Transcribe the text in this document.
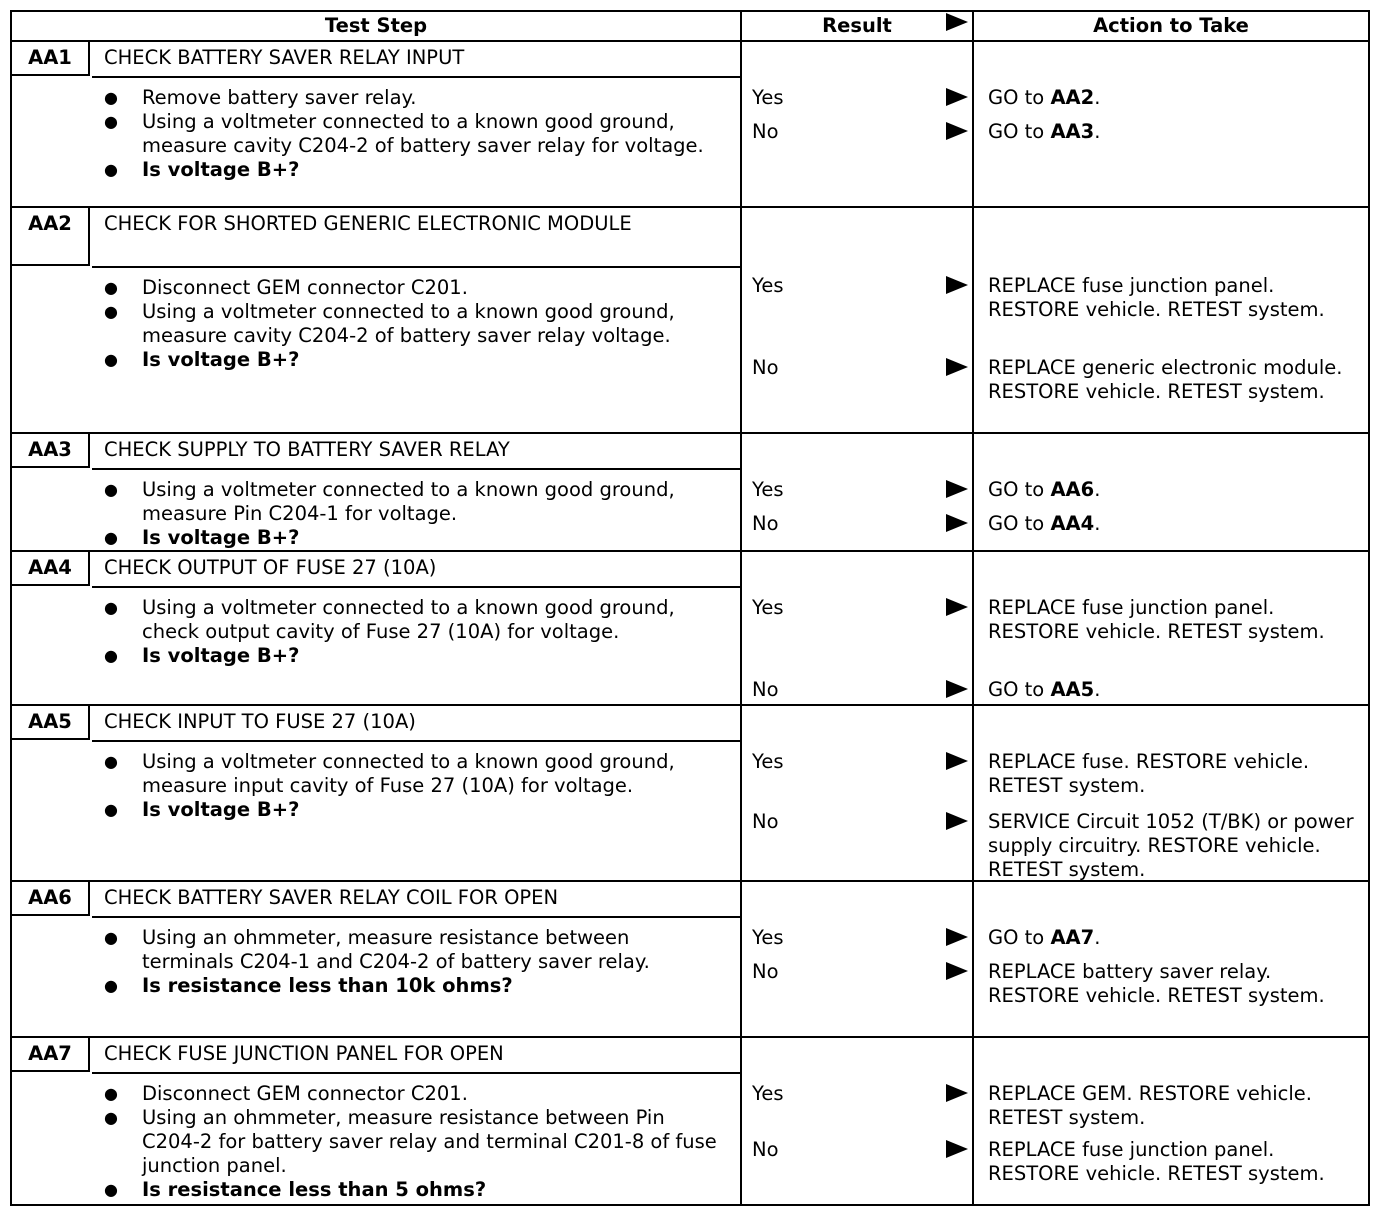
Test Step	Result	Action to Take
AA1	CHECK BATTERY SAVER RELAY INPUT
● Remove battery saver relay.
● Using a voltmeter connected to a known good ground, measure cavity C204-2 of battery saver relay for voltage.
● Is voltage B+?
Yes	GO to AA2.
No	GO to AA3.
AA2	CHECK FOR SHORTED GENERIC ELECTRONIC MODULE
● Disconnect GEM connector C201.
● Using a voltmeter connected to a known good ground, measure cavity C204-2 of battery saver relay voltage.
● Is voltage B+?
Yes	REPLACE fuse junction panel. RESTORE vehicle. RETEST system.
No	REPLACE generic electronic module. RESTORE vehicle. RETEST system.
AA3	CHECK SUPPLY TO BATTERY SAVER RELAY
● Using a voltmeter connected to a known good ground, measure Pin C204-1 for voltage.
● Is voltage B+?
Yes	GO to AA6.
No	GO to AA4.
AA4	CHECK OUTPUT OF FUSE 27 (10A)
● Using a voltmeter connected to a known good ground, check output cavity of Fuse 27 (10A) for voltage.
● Is voltage B+?
Yes	REPLACE fuse junction panel. RESTORE vehicle. RETEST system.
No	GO to AA5.
AA5	CHECK INPUT TO FUSE 27 (10A)
● Using a voltmeter connected to a known good ground, measure input cavity of Fuse 27 (10A) for voltage.
● Is voltage B+?
Yes	REPLACE fuse. RESTORE vehicle. RETEST system.
No	SERVICE Circuit 1052 (T/BK) or power supply circuitry. RESTORE vehicle. RETEST system.
AA6	CHECK BATTERY SAVER RELAY COIL FOR OPEN
● Using an ohmmeter, measure resistance between terminals C204-1 and C204-2 of battery saver relay.
● Is resistance less than 10k ohms?
Yes	GO to AA7.
No	REPLACE battery saver relay. RESTORE vehicle. RETEST system.
AA7	CHECK FUSE JUNCTION PANEL FOR OPEN
● Disconnect GEM connector C201.
● Using an ohmmeter, measure resistance between Pin C204-2 for battery saver relay and terminal C201-8 of fuse junction panel.
● Is resistance less than 5 ohms?
Yes	REPLACE GEM. RESTORE vehicle. RETEST system.
No	REPLACE fuse junction panel. RESTORE vehicle. RETEST system.
